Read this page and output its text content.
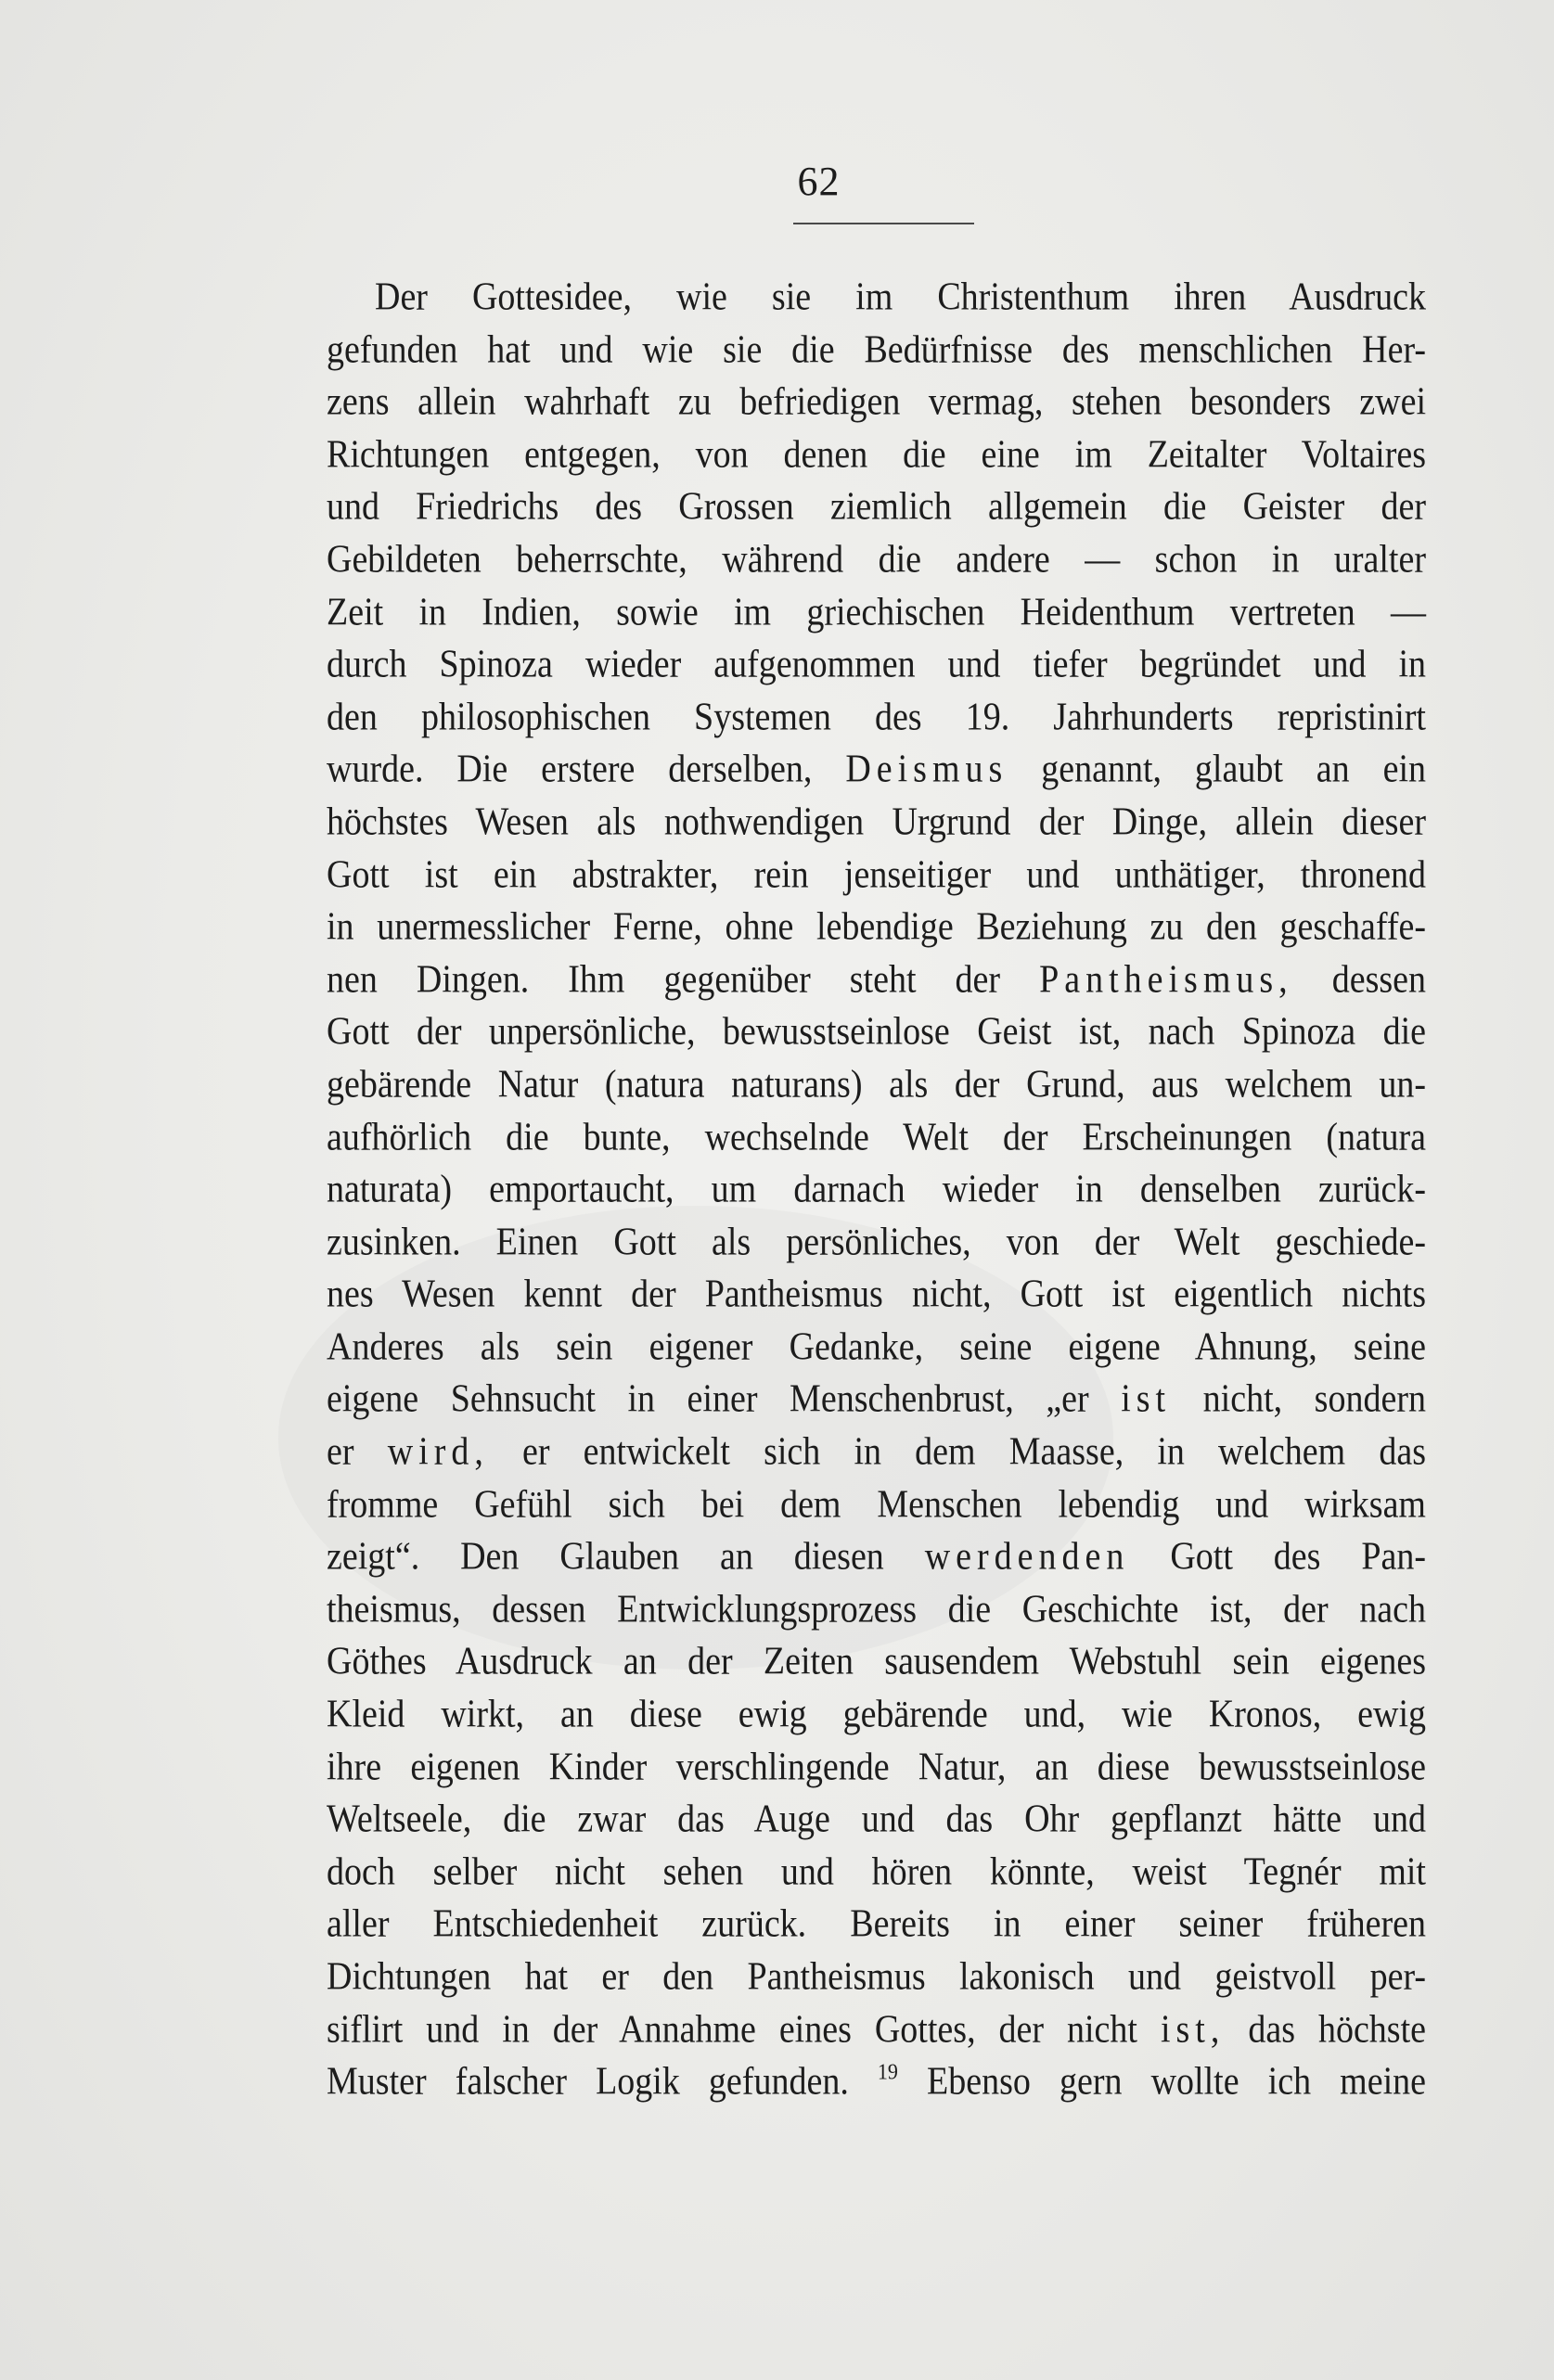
62
Der Gottesidee, wie sie im Christenthum ihren Ausdruck
gefunden hat und wie sie die Bedürfnisse des menschlichen Her-
zens allein wahrhaft zu befriedigen vermag, stehen besonders zwei
Richtungen entgegen, von denen die eine im Zeitalter Voltaires
und Friedrichs des Grossen ziemlich allgemein die Geister der
Gebildeten beherrschte, während die andere — schon in uralter
Zeit in Indien, sowie im griechischen Heidenthum vertreten —
durch Spinoza wieder aufgenommen und tiefer begründet und in
den philosophischen Systemen des 19. Jahrhunderts repristinirt
wurde. Die erstere derselben, Deismus genannt, glaubt an ein
höchstes Wesen als nothwendigen Urgrund der Dinge, allein dieser
Gott ist ein abstrakter, rein jenseitiger und unthätiger, thronend
in unermesslicher Ferne, ohne lebendige Beziehung zu den geschaffe-
nen Dingen. Ihm gegenüber steht der Pantheismus, dessen
Gott der unpersönliche, bewusstseinlose Geist ist, nach Spinoza die
gebärende Natur (natura naturans) als der Grund, aus welchem un-
aufhörlich die bunte, wechselnde Welt der Erscheinungen (natura
naturata) emportaucht, um darnach wieder in denselben zurück-
zusinken. Einen Gott als persönliches, von der Welt geschiede-
nes Wesen kennt der Pantheismus nicht, Gott ist eigentlich nichts
Anderes als sein eigener Gedanke, seine eigene Ahnung, seine
eigene Sehnsucht in einer Menschenbrust, „er ist nicht, sondern
er wird, er entwickelt sich in dem Maasse, in welchem das
fromme Gefühl sich bei dem Menschen lebendig und wirksam
zeigt“. Den Glauben an diesen werdenden Gott des Pan-
theismus, dessen Entwicklungsprozess die Geschichte ist, der nach
Göthes Ausdruck an der Zeiten sausendem Webstuhl sein eigenes
Kleid wirkt, an diese ewig gebärende und, wie Kronos, ewig
ihre eigenen Kinder verschlingende Natur, an diese bewusstseinlose
Weltseele, die zwar das Auge und das Ohr gepflanzt hätte und
doch selber nicht sehen und hören könnte, weist Tegnér mit
aller Entschiedenheit zurück. Bereits in einer seiner früheren
Dichtungen hat er den Pantheismus lakonisch und geistvoll per-
siflirt und in der Annahme eines Gottes, der nicht ist, das höchste
Muster falscher Logik gefunden. $^{19}$ Ebenso gern wollte ich meine
